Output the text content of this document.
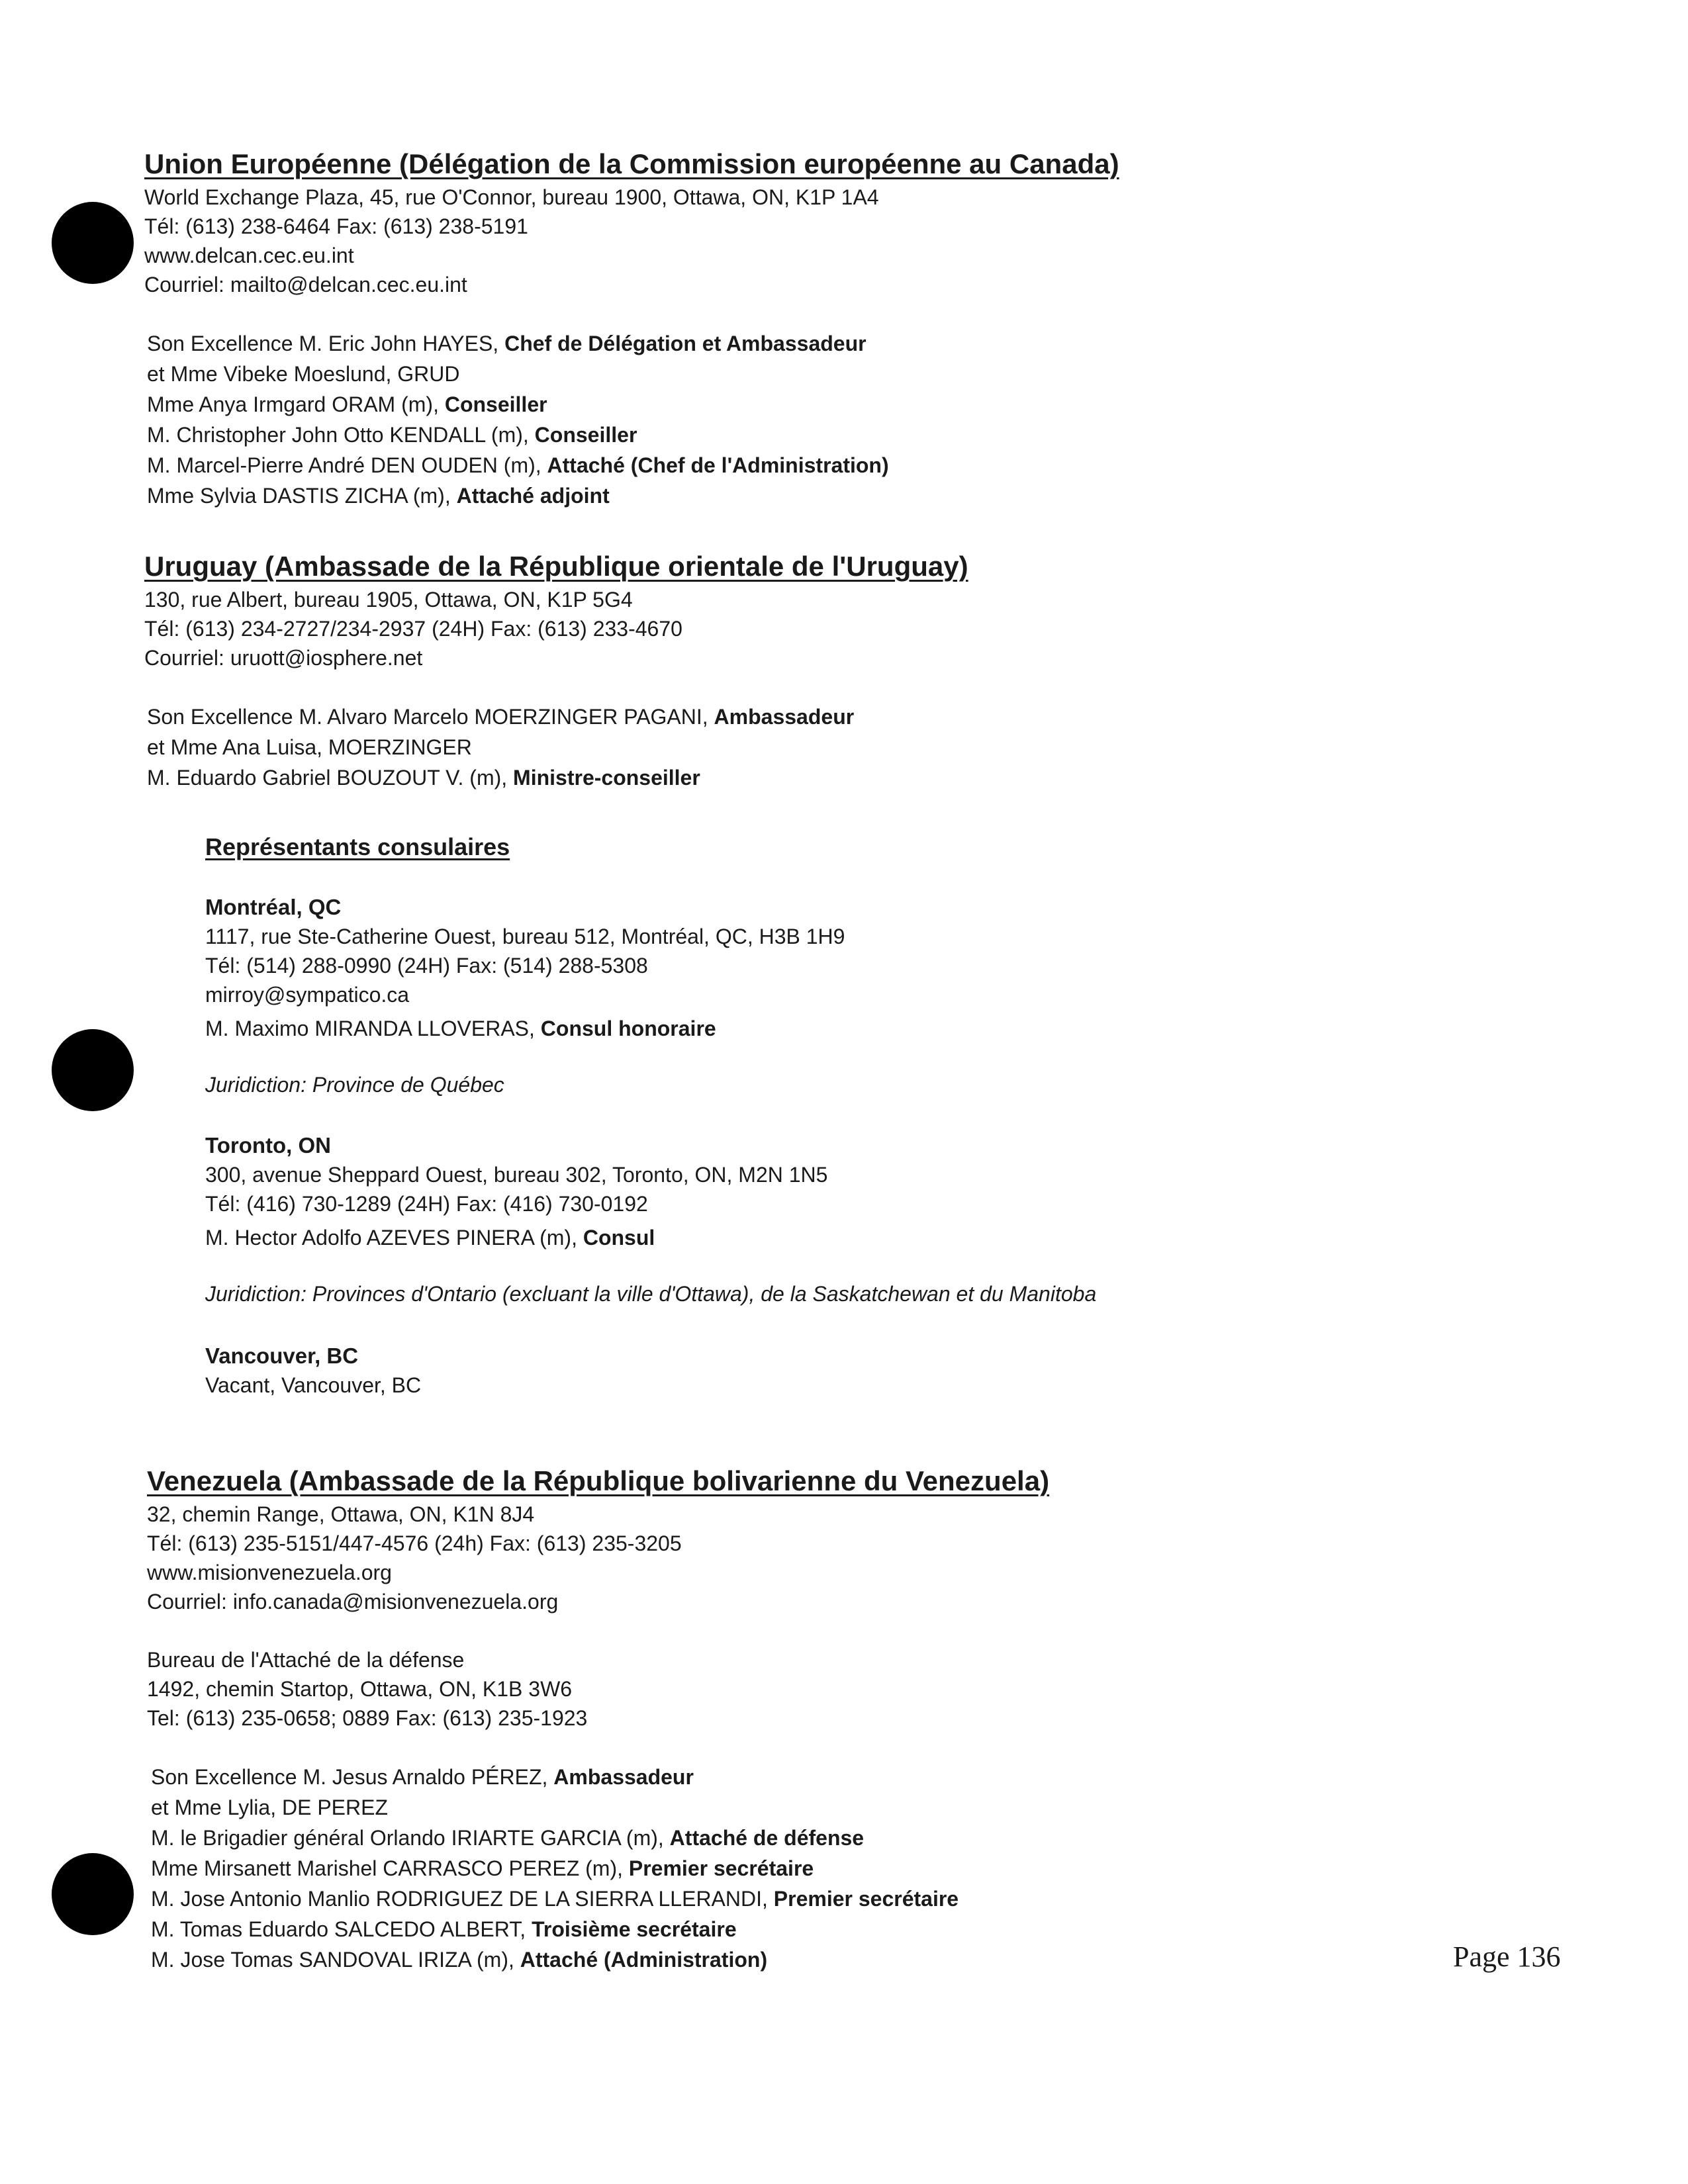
Union Européenne (Délégation de la Commission européenne au Canada)
World Exchange Plaza, 45, rue O'Connor, bureau 1900, Ottawa, ON, K1P 1A4
Tél: (613) 238-6464 Fax: (613) 238-5191
www.delcan.cec.eu.int
Courriel: mailto@delcan.cec.eu.int
Son Excellence M. Eric John HAYES, Chef de Délégation et Ambassadeur
et Mme Vibeke Moeslund, GRUD
Mme Anya Irmgard ORAM (m), Conseiller
M. Christopher John Otto KENDALL (m), Conseiller
M. Marcel-Pierre André DEN OUDEN (m), Attaché (Chef de l'Administration)
Mme Sylvia DASTIS ZICHA (m), Attaché adjoint
Uruguay (Ambassade de la République orientale de l'Uruguay)
130, rue Albert, bureau 1905, Ottawa, ON, K1P 5G4
Tél: (613) 234-2727/234-2937 (24H) Fax: (613) 233-4670
Courriel: uruott@iosphere.net
Son Excellence M. Alvaro Marcelo MOERZINGER PAGANI, Ambassadeur
et Mme Ana Luisa, MOERZINGER
M. Eduardo Gabriel BOUZOUT V. (m), Ministre-conseiller
Représentants consulaires
Montréal, QC
1117, rue Ste-Catherine Ouest, bureau 512, Montréal, QC, H3B 1H9
Tél: (514) 288-0990 (24H) Fax: (514) 288-5308
mirroy@sympatico.ca
M. Maximo MIRANDA LLOVERAS, Consul honoraire
Juridiction: Province de Québec
Toronto, ON
300, avenue Sheppard Ouest, bureau 302, Toronto, ON, M2N 1N5
Tél: (416) 730-1289 (24H) Fax: (416) 730-0192
M. Hector Adolfo AZEVES PINERA (m), Consul
Juridiction: Provinces d'Ontario (excluant la ville d'Ottawa), de la Saskatchewan et du Manitoba
Vancouver, BC
Vacant, Vancouver, BC
Venezuela (Ambassade de la République bolivarienne du Venezuela)
32, chemin Range, Ottawa, ON, K1N 8J4
Tél: (613) 235-5151/447-4576 (24h) Fax: (613) 235-3205
www.misionvenezuela.org
Courriel: info.canada@misionvenezuela.org
Bureau de l'Attaché de la défense
1492, chemin Startop, Ottawa, ON, K1B 3W6
Tel: (613) 235-0658; 0889 Fax: (613) 235-1923
Son Excellence M. Jesus Arnaldo PÉREZ, Ambassadeur
et Mme Lylia, DE PEREZ
M. le Brigadier général Orlando IRIARTE GARCIA (m), Attaché de défense
Mme Mirsanett Marishel CARRASCO PEREZ (m), Premier secrétaire
M. Jose Antonio Manlio RODRIGUEZ DE LA SIERRA LLERANDI, Premier secrétaire
M. Tomas Eduardo SALCEDO ALBERT, Troisième secrétaire
M. Jose Tomas SANDOVAL IRIZA (m), Attaché (Administration)	Page 136
